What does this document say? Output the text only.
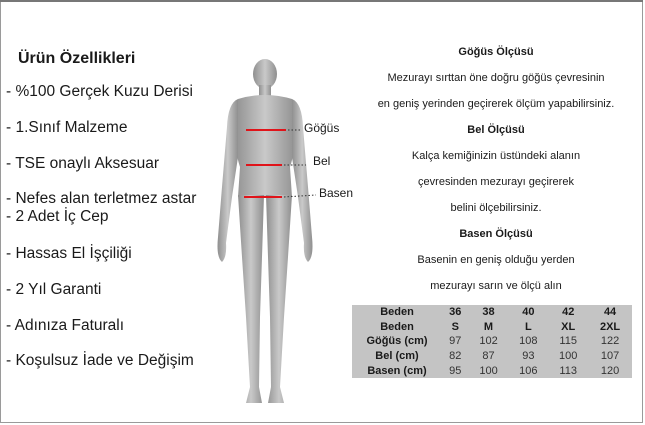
Ürün Özellikleri
- %100 Gerçek Kuzu Derisi
- 1.Sınıf Malzeme
- TSE onaylı Aksesuar
- Nefes alan terletmez astar
- 2 Adet İç Cep
- Hassas El İşçiliği
- 2 Yıl Garanti
- Adınıza Faturalı
- Koşulsuz İade ve Değişim
Göğüs
Bel
Basen
Göğüs Ölçüsü
Mezurayı sırttan öne doğru göğüs çevresinin
en geniş yerinden geçirerek ölçüm yapabilirsiniz.
Bel Ölçüsü
Kalça kemiğinizin üstündeki alanın
çevresinden mezurayı geçirerek
belini ölçebilirsiniz.
Basen Ölçüsü
Basenin en geniş olduğu yerden
mezurayı sarın ve ölçü alın
Beden	36	38	40	42	44
Beden	S	M	L	XL	2XL
Göğüs (cm)	97	102	108	115	122
Bel (cm)	82	87	93	100	107
Basen (cm)	95	100	106	113	120
